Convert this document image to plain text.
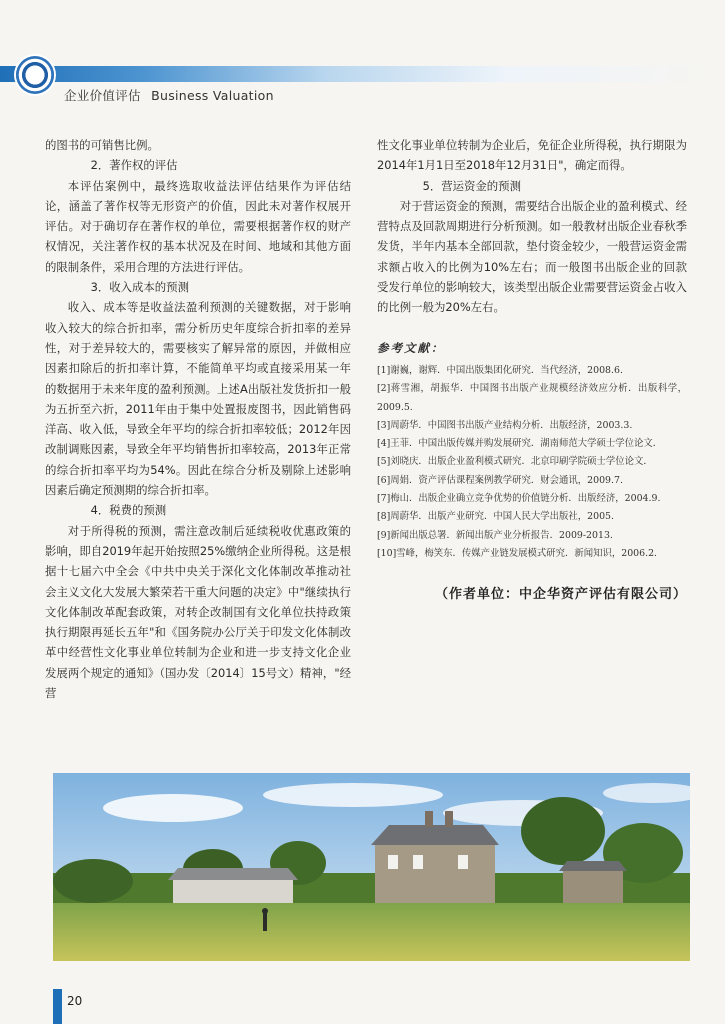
企业价值评估 Business Valuation

的图书的可销售比例。

2．著作权的评估

本评估案例中，最终选取收益法评估结果作为评估结论，涵盖了著作权等无形资产的价值，因此未对著作权展开评估。对于确切存在著作权的单位，需要根据著作权的财产权情况，关注著作权的基本状况及在时间、地域和其他方面的限制条件，采用合理的方法进行评估。

3．收入成本的预测

收入、成本等是收益法盈利预测的关键数据，对于影响收入较大的综合折扣率，需分析历史年度综合折扣率的差异性，对于差异较大的，需要核实了解异常的原因，并做相应因素扣除后的折扣率计算，不能简单平均或直接采用某一年的数据用于未来年度的盈利预测。上述A出版社发货折扣一般为五折至六折，2011年由于集中处置报废图书，因此销售码洋高、收入低，导致全年平均的综合折扣率较低；2012年因改制调账因素，导致全年平均销售折扣率较高，2013年正常的综合折扣率平均为54%。因此在综合分析及剔除上述影响因素后确定预测期的综合折扣率。

4．税费的预测

对于所得税的预测，需注意改制后延续税收优惠政策的影响，即自2019年起开始按照25%缴纳企业所得税。这是根据十七届六中全会《中共中央关于深化文化体制改革推动社会主义文化大发展大繁荣若干重大问题的决定》中"继续执行文化体制改革配套政策，对转企改制国有文化单位扶持政策执行期限再延长五年"和《国务院办公厅关于印发文化体制改革中经营性文化事业单位转制为企业和进一步支持文化企业发展两个规定的通知》（国办发〔2014〕15号文）精神，"经营

性文化事业单位转制为企业后，免征企业所得税，执行期限为2014年1月1日至2018年12月31日"，确定而得。

5．营运资金的预测

对于营运资金的预测，需要结合出版企业的盈利模式、经营特点及回款周期进行分析预测。如一般教材出版企业春秋季发货，半年内基本全部回款，垫付资金较少，一般营运资金需求额占收入的比例为10%左右；而一般图书出版企业的回款受发行单位的影响较大，该类型出版企业需要营运资金占收入的比例一般为20%左右。

参考文献：
[1]谢巍，谢辉．中国出版集团化研究．当代经济，2008.6.
[2]蒋雪湘，胡振华．中国图书出版产业规模经济效应分析．出版科学，2009.5.
[3]周蔚华．中国图书出版产业结构分析．出版经济，2003.3.
[4]王菲．中国出版传媒并购发展研究．湖南师范大学硕士学位论文．
[5]刘晓庆．出版企业盈利模式研究．北京印刷学院硕士学位论文．
[6]周娟．资产评估课程案例教学研究．财会通讯，2009.7.
[7]梅山．出版企业确立竞争优势的价值链分析．出版经济，2004.9.
[8]周蔚华．出版产业研究．中国人民大学出版社，2005.
[9]新闻出版总署．新闻出版产业分析报告．2009-2013.
[10]雪峰，梅笑东．传媒产业链发展模式研究．新闻知识，2006.2.
（作者单位：中企华资产评估有限公司）
20
